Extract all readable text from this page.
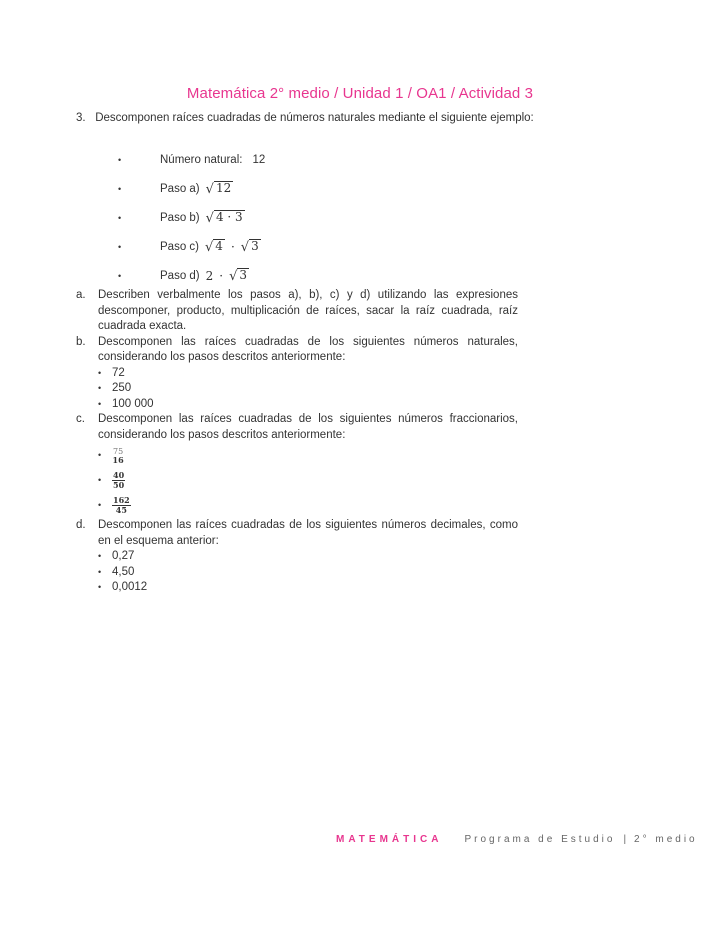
Matemática 2° medio / Unidad 1 / OA1 / Actividad 3
3. Descomponen raíces cuadradas de números naturales mediante el siguiente ejemplo:
•	Número natural: 12
•	Paso a) √ 12
•	Paso b) √ 4 · 3
•	Paso c) √ 4 · √ 3
•	Paso d) 2 · √ 3
a.	Describen verbalmente los pasos a), b), c) y d) utilizando las expresiones descomponer, producto, multiplicación de raíces, sacar la raíz cuadrada, raíz cuadrada exacta.
b.	Descomponen las raíces cuadradas de los siguientes números naturales, considerando los pasos descritos anteriormente:
• 72
• 250
• 100 000
c.	Descomponen las raíces cuadradas de los siguientes números fraccionarios, considerando los pasos descritos anteriormente:
•	75
16
•	$\frac{40}{50}$
•	$\frac{162}{45}$
d.	Descomponen las raíces cuadradas de los siguientes números decimales, como en el esquema anterior:
• 0,27
• 4,50
• 0,0012
MATEMÁTICA Programa de Estudio | 2° medio
